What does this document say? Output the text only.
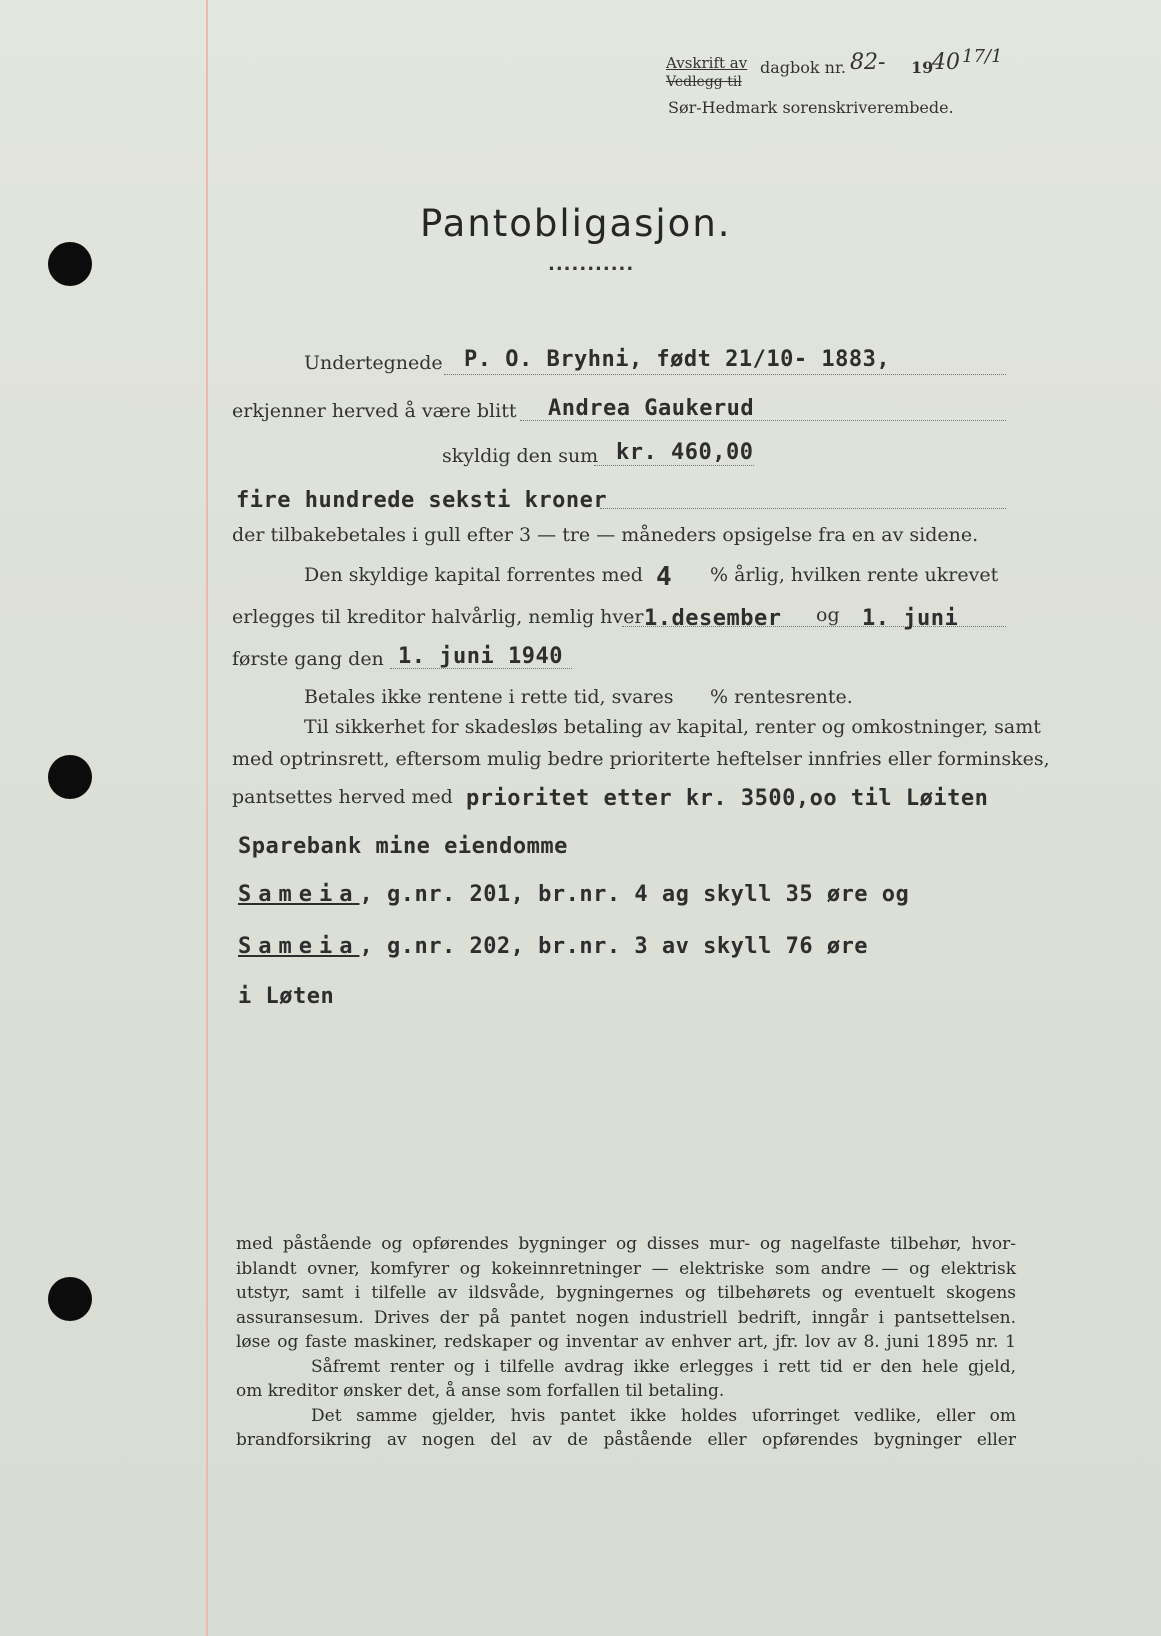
Avskrift av
Vedlegg til
dagbok nr. 82- 19
40 17/1
Sør-Hedmark sorenskriverembede.
Pantobligasjon.
...........
Undertegnede P. O. Bryhni, født 21/10- 1883,
erkjenner herved å være blitt Andrea Gaukerud
skyldig den sum kr. 460,00
fire hundrede seksti kroner
der tilbakebetales i gull efter 3 — tre — måneders opsigelse fra en av sidene.
Den skyldige kapital forrentes med 4 % årlig, hvilken rente ukrevet
erlegges til kreditor halvårlig, nemlig hver 1.desember og 1. juni
første gang den 1. juni 1940
Betales ikke rentene i rette tid, svares % rentesrente.
Til sikkerhet for skadesløs betaling av kapital, renter og omkostninger, samt
med optrinsrett, eftersom mulig bedre prioriterte heftelser innfries eller forminskes,
pantsettes herved med prioritet etter kr. 3500,oo til Løiten
Sparebank mine eiendomme
Sameia, g.nr. 201, br.nr. 4 ag skyll 35 øre og
Sameia, g.nr. 202, br.nr. 3 av skyll 76 øre
i Løten

med påstående og opførendes bygninger og disses mur- og nagelfaste tilbehør, hvor-

iblandt ovner, komfyrer og kokeinnretninger — elektriske som andre — og elektrisk

utstyr, samt i tilfelle av ildsvåde, bygningernes og tilbehørets og eventuelt skogens

assuransesum. Drives der på pantet nogen industriell bedrift, inngår i pantsettelsen.

løse og faste maskiner, redskaper og inventar av enhver art, jfr. lov av 8. juni 1895 nr. 1

Såfremt renter og i tilfelle avdrag ikke erlegges i rett tid er den hele gjeld,

om kreditor ønsker det, å anse som forfallen til betaling.

Det samme gjelder, hvis pantet ikke holdes uforringet vedlike, eller om

brandforsikring av nogen del av de påstående eller opførendes bygninger eller
